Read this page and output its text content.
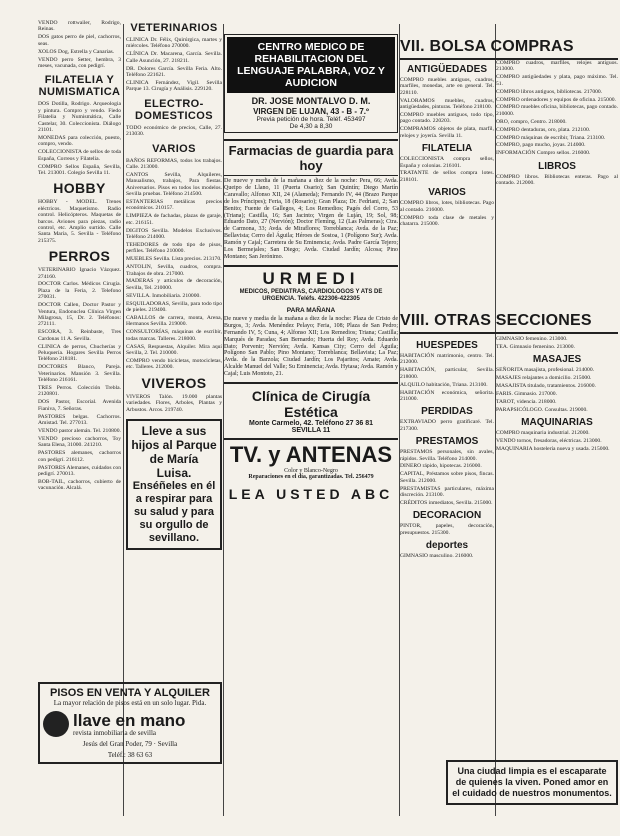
VENDO rottwailer, Rodrigo, Reinas.

DOS gatos perro de piel, cachorros, seas.

XOLOS Dog, Estrella y Canarias.

VENDO perro Setter, hembra, 3 meses, vacunada, con pedigrí.

FILATELIA Y NUMISMATICA

DOS Dotilla, Rodrigo. Arqueologia y pintura. Compro y vendo. Fiedo Filatelia y Numismática, Calle Castelar, 30. Coleccionista. Diálogo 21101.

MONEDAS para colección, puesto, compro, vendo.

COLECCIONISTA de sellos de toda España, Correos y Filatelia.

COMPRO Sellos España, Sevilla, Tel. 213001. Colegio Sevilla 11.

HOBBY

HOBBY - MODEL. Trenes eléctricos. Maquetismo. Radio control. Helicópteros. Maquetas de barcos. Aviones para piezas, radio control, etc. Amplio surtido. Calle Santa María, 5. Sevilla - Teléfono 215375.

PERROS

VETERINARIO Ignacio Vázquez. 274160.

DOCTOR Carlos. Médicos Cirugía. Plaza de la Feria, 2. Telefono 270031.

DOCTOR Callen, Doctor Pastor y Ventura, Endonuclea Clínica Virgen Milagrosa, 15, Dr. 2. Teléfonos: 272111.

ESCORA, 3. Reinbaste, Tres Cardonas 11 A. Sevilla.

CLINICA de perros, Chucherías y Peluquería. Hogares Sevilla Perros Teléfono 218181.

DOCTORES Blanco, Pareja. Veterinarios. Mansión 3. Sevilla. Teléfono 216161.

TRES Perros. Colección Trebla. 2120801.

DOS Pastor, Escorial. Avenida Fianiva, 7. Señoras.

PASTORES belgas. Cachorros. Amistad. Tel. 277013.

VENDO pastor alemán. Tel. 210800.

VENDO precioso cachorros, Toy Santa Elena, 31000. 241210.

PASTORES alemanes, cachorros con pedigrí. 216112.

PASTORES Alemanes, cuidados con pedigrí. 270013.

BOB-TAIL, cachorros, cubierto de vacunación. Alcalá.

PISOS EN VENTA Y ALQUILER
La mayor relación de pisos está en un solo lugar. Pida.
llave en mano
revista inmobiliaria de sevilla
Jesús del Gran Poder, 79 · Sevilla
Teléf.: 38 63 63
VETERINARIOS

CLINICA Dr. Félix, Quirúrgica, martes y miércoles. Teléfono 270000.

CLÍNICA Dr. Macarena, García. Sevilla. Calle Asunción, 27. 218211.

DR. Dolores García. Sevilla Feria. Alto. Teléfono 221621.

CLINICA Fernández, Vigil. Sevilla Parque 13. Cirugía y Análisis. 229120.

ELECTRO-DOMESTICOS

TODO económico de precios, Calle, 27. 213030.

VARIOS

BAÑOS REFORMAS, todos los trabajos. Calle. 213000.

CANTOS Sevilla, Alquileres, Manualismo, trabajos, Para fiestas. Aniversarios. Pisos en todos los modelos. Sevilla pruebas. Teléfono 214500.

ESTANTERIAS metálicas precios económicos. 210157.

LIMPIEZA de fachadas, plazas de garaje, etc. 216151.

DIGITOS Sevilla. Modelos Exclusivos. Teléfono 214000.

TEHEDORES de todo tipo de pisos, perfiles. Teléfono 210000.

MUEBLES Sevilla. Lista precios. 213170.

ANTOLIN, Sevilla, cuadros, compra. Trabajos de obra. 217000.

MADERAS y artículos de decoración, Sevilla, Tel. 210000.

SEVILLA. Inmobiliaria. 210000.

ESQUILADORAS, Sevilla, para todo tipo de pieles. 219400.

CABALLOS de carrera, monta, Arena, Hermanos Sevilla. 219000.

CONSULTORÍAS, máquinas de escribir, todas marcas. Talleres. 218000.

CASAS, Respuestas, Alquiler. Mira aquí Sevilla, 2. Tel. 210000.

COMPRO vendo bicicletas, motocicletas, etc. Talleres. 212000.

VIVEROS

VIVEROS Talón. 19.000 plantas variedades. Flores, Arboles, Plantas y Arbustos. Arcos. 219740.

Lleve a sus hijos al Parque de María Luisa.
Enséñeles en él a respirar para su salud y para su orgullo de sevillano.
CENTRO MEDICO DE REHABILITACION DEL LENGUAJE PALABRA, VOZ Y AUDICION
DR. JOSE MONTALVO D. M.
VIRGEN DE LUJAN, 43 - B - 7.º
Previa petición de hora. Teléf. 453497
De 4,30 a 8,30
Farmacias de guardia para hoy
De nueve y media de la mañana a diez de la noche: Pera, 66; Avda. Queipo de Llano, 11 (Puerta Osario); San Quintín; Diego Martín Caravallo; Alfonso XII, 24 (Alameda); Fernando IV, 44 (Brazo Parque de los Príncipes); Feria, 18 (Rosario); Gran Plaza; Dr. Fedriani, 2; San Benito; Fuente de Gallegos, 4; Los Remedios; Pagés del Corro, 53 (Triana); Castilla, 16; San Jacinto; Virgen de Luján, 19; Sol, 98; Eduardo Dato, 27 (Nervión); Doctor Fleming, 12 (Las Palmeras); Ctra. de Carmona, 33; Avda. de Miraflores; Torreblanca; Avda. de la Paz; Bellavista; Cerro del Águila; Héroes de Sostoa, 1 (Polígono Sur); Avda. Ramón y Cajal; Carretera de Su Eminencia; Avda. Padre García Tejero; Los Bermejales; San Diego; Avda. Ciudad Jardín; Alcosa; Pino Montano; San Jerónimo.
URMEDI
MEDICOS, PEDIATRAS, CARDIOLOGOS Y ATS DE URGENCIA. Teléfs. 422306-422305
PARA MAÑANA
De nueve y media de la mañana a diez de la noche: Plaza de Cristo de Burgos, 3; Avda. Menéndez Pelayo; Feria, 108; Plaza de San Pedro; Fernando IV, 5; Cuna, 4; Alfonso XII; Los Remedios; Triana; Castilla; Marqués de Paradas; San Bernardo; Huerta del Rey; Avda. Eduardo Dato; Porvenir; Nervión; Avda. Kansas City; Cerro del Águila; Polígono San Pablo; Pino Montano; Torreblanca; Bellavista; La Paz; Avda. de la Barzola; Ciudad Jardín; Los Pajaritos; Amate; Avda. Alcalde Manuel del Valle; Su Eminencia; Avda. Hytasa; Avda. Ramón y Cajal; Luis Montoto, 21.
Clínica de Cirugía Estética
Monte Carmelo, 42. Teléfono 27 36 81
SEVILLA 11
TV. y ANTENAS
Color y Blanco-Negro
Reparaciones en el día, garantizadas. Tel. 256479
LEA USTED ABC
VII. BOLSA COMPRAS
ANTIGÜEDADES

COMPRO muebles antiguos, cuadros, marfiles, monedas, arte en general. Tel. 228110.

VALORAMOS muebles, cuadros, antigüedades, pinturas. Teléfono 218100.

COMPRO muebles antiguos, todo tipo, pago contado. 220203.

COMPRAMOS objetos de plata, marfil, relojes y joyería. Sevilla 11.

FILATELIA

COLECCIONISTA compra sellos, España y colonias. 216101.

TRATANTE de sellos compra lotes. 218101.

VARIOS

COMPRO libros, lotes, bibliotecas. Pago al contado. 216000.

COMPRO toda clase de metales y chatarra. 215000.

VIII. OTRAS SECCIONES
HUESPEDES

HABITACIÓN matrimonio, centro. Tel. 212000.

HABITACIÓN, particular, Sevilla. 218000.

ALQUILO habitación, Triana. 213100.

HABITACIÓN económica, señorita. 211000.

PERDIDAS

EXTRAVIADO perro gratificaré. Tel. 217300.

PRESTAMOS

PRESTAMOS personales, sin avales, rápidos. Sevilla. Teléfono 214000.

DINERO rápido, hipotecas. 216000.

CAPITAL, Préstamos sobre pisos, fincas. Sevilla. 212000.

PRESTAMISTAS particulares, máxima discreción. 213100.

CRÉDITOS inmediatos, Sevilla. 215000.

DECORACION

PINTOR, papeles, decoración, presupuestos. 215300.

deportes

GIMNASIO masculino. 216000.

COMPRO cuadros, marfiles, relojes antiguos. 213000.

COMPRO antigüedades y plata, pago máximo. Tel. 51.

COMPRO libros antiguos, bibliotecas. 217000.

COMPRO ordenadores y equipos de oficina. 215000.

COMPRO muebles oficina, bibliotecas, pago contado. 210000.

ORO, compro, Centro. 218000.

COMPRO dentaduras, oro, plata. 212100.

COMPRO máquinas de escribir, Triana. 213100.

COMPRO, pago mucho, joyas. 214000.

INFORMACIÓN Compro sellos. 216000.

LIBROS

COMPRO libros. Bibliotecas enteras. Pago al contado. 212000.

GIMNASIO femenino. 213000.

TEA. Gimnasio femenino. 213000.

MASAJES

SEÑORITA masajista, profesional. 214000.

MASAJES relajantes a domicilio. 215000.

MASAJISTA titulado, tratamientos. 216000.

FARIS. Gimnasio. 217000.

TAROT, videncia. 218000.

PARAPSICÓLOGO. Consultas. 219000.

MAQUINARIAS

COMPRO maquinaria industrial. 212000.

VENDO tornos, fresadoras, eléctricas. 213000.

MAQUINARIA hostelería nueva y usada. 215000.

Una ciudad limpia es el escaparate de quienes la viven. Poned amor en el cuidado de nuestros monumentos.
